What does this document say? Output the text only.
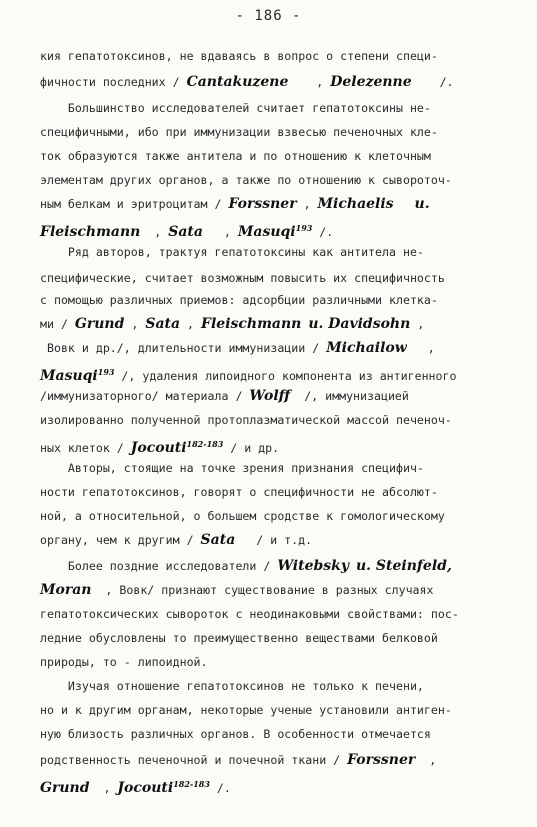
- 186 -
кия гепатотоксинов, не вдаваясь в вопрос о степени специ-
фичности последних / Cantakuzene    , Delezenne    /.
Большинство исследователей считает гепатотоксины не-
специфичными, ибо при иммунизации взвесью печеночных кле-
ток образуются также антитела и по отношению к клеточным
элементам других органов, а также по отношению к сывороточ-
ным белкам и эритроцитам / Forssner , Michaelis u.
Fleischmann  , Sata   , Masuqi$^{193}$ /.
Ряд авторов, трактуя гепатотоксины как антитела не-
специфические, считает возможным повысить их специфичность
с помощью различных приемов: адсорбции различными клетка-
ми / Grund , Sata , Fleischmann u. Davidsohn ,
Вовк и др./, длительности иммунизации / Michailow   ,
Masuqi$^{193}$ /, удаления липоидного компонента из антигенного
/иммунизаторного/ материала / Wolff  /, иммунизацией
изолированно полученной протоплазматической массой печеноч-
ных клеток / Jocouti$^{182-183}$ / и др.
Авторы, стоящие на точке зрения признания специфич-
ности гепатотоксинов, говорят о специфичности не абсолют-
ной, а относительной, о большем сродстве к гомологическому
органу, чем к другим / Sata   / и т.д.
Более поздние исследователи / Witebsky u. Steinfeld,
Moran  , Вовк/ признают существование в разных случаях
гепатотоксических сывороток с неодинаковыми свойствами: пос-
ледние обусловлены то преимущественно веществами белковой
природы, то - липоидной.
Изучая отношение гепатотоксинов не только к печени,
но и к другим органам, некоторые ученые установили антиген-
ную близость различных органов. В особенности отмечается
родственность печеночной и почечной ткани / Forssner  ,
Grund  , Jocouti$^{182-183}$ /.
